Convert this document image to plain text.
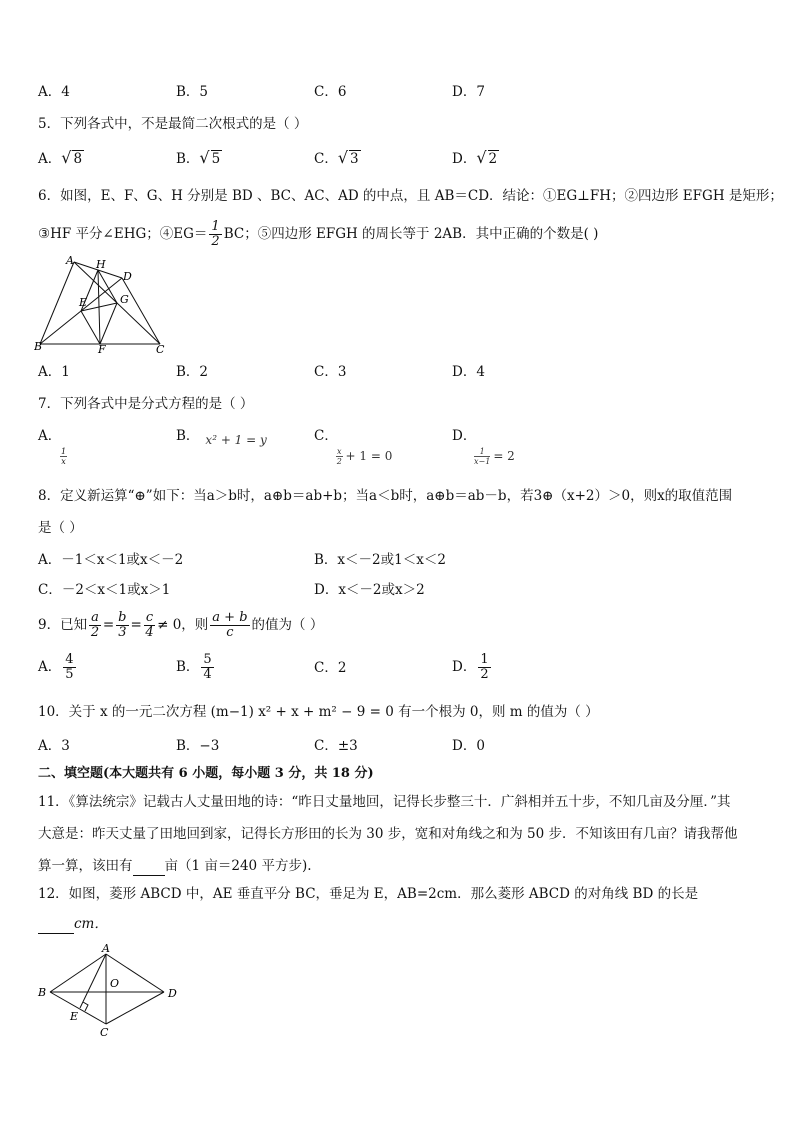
A．4	B．5	C．6	D．7
5．下列各式中，不是最简二次根式的是（ ）
A．√ 8	B．√ 5	C．√ 3	D．√ 2
6．如图，E、F、G、H 分别是 BD 、BC、AC、AD 的中点，且 AB＝CD．结论：①EG⊥FH；②四边形 EFGH 是矩形；
③HF 平分∠EHG；④EG＝ $\frac{1}{2}$ BC；⑤四边形 EFGH 的周长等于 2AB．其中正确的个数是( )
A H
D
E	G
B	F	C
A．1	B．2	C．3	D．4
7．下列各式中是分式方程的是（ ）
A．

$\frac{1}{x}$
B． x² + 1 = y	C．

$\frac{x}{2} + 1 = 0$
D．

$\frac{1}{x-1} = 2$
8．定义新运算“⊕”如下：当a＞b时，a⊕b＝ab+b；当a＜b时，a⊕b＝ab－b，若3⊕（x+2）＞0，则x的取值范围
是（ ）
A．－1＜x＜1或x＜－2	B．x＜－2或1＜x＜2
C．－2＜x＜1或x＞1	D．x＜－2或x＞2
9．已知 $\frac{a}{2} = \frac{b}{3} = \frac{c}{4} \ne 0$，则 $\frac{a + b}{c}$ 的值为（ ）
A． $\frac{4}{5}$	B． $\frac{5}{4}$	C．2	D． $\frac{1}{2}$
10．关于 x 的一元二次方程 (m−1) x² + x + m² − 9 = 0 有一个根为 0，则 m 的值为（ ）
A．3	B．−3	C．±3	D．0
二、填空题(本大题共有 6 小题，每小题 3 分，共 18 分)
11．《算法统宗》记载古人丈量田地的诗：“昨日丈量地回，记得长步整三十．广斜相并五十步，不知几亩及分厘．”其
大意是：昨天丈量了田地回到家，记得长方形田的长为 30 步，宽和对角线之和为 50 步．不知该田有几亩？请我帮他
算一算，该田有 亩（1 亩＝240 平方步).
12．如图，菱形 ABCD 中，AE 垂直平分 BC，垂足为 E，AB=2cm．那么菱形 ABCD 的对角线 BD 的长是
cm．
A
B
O
D
E
C
